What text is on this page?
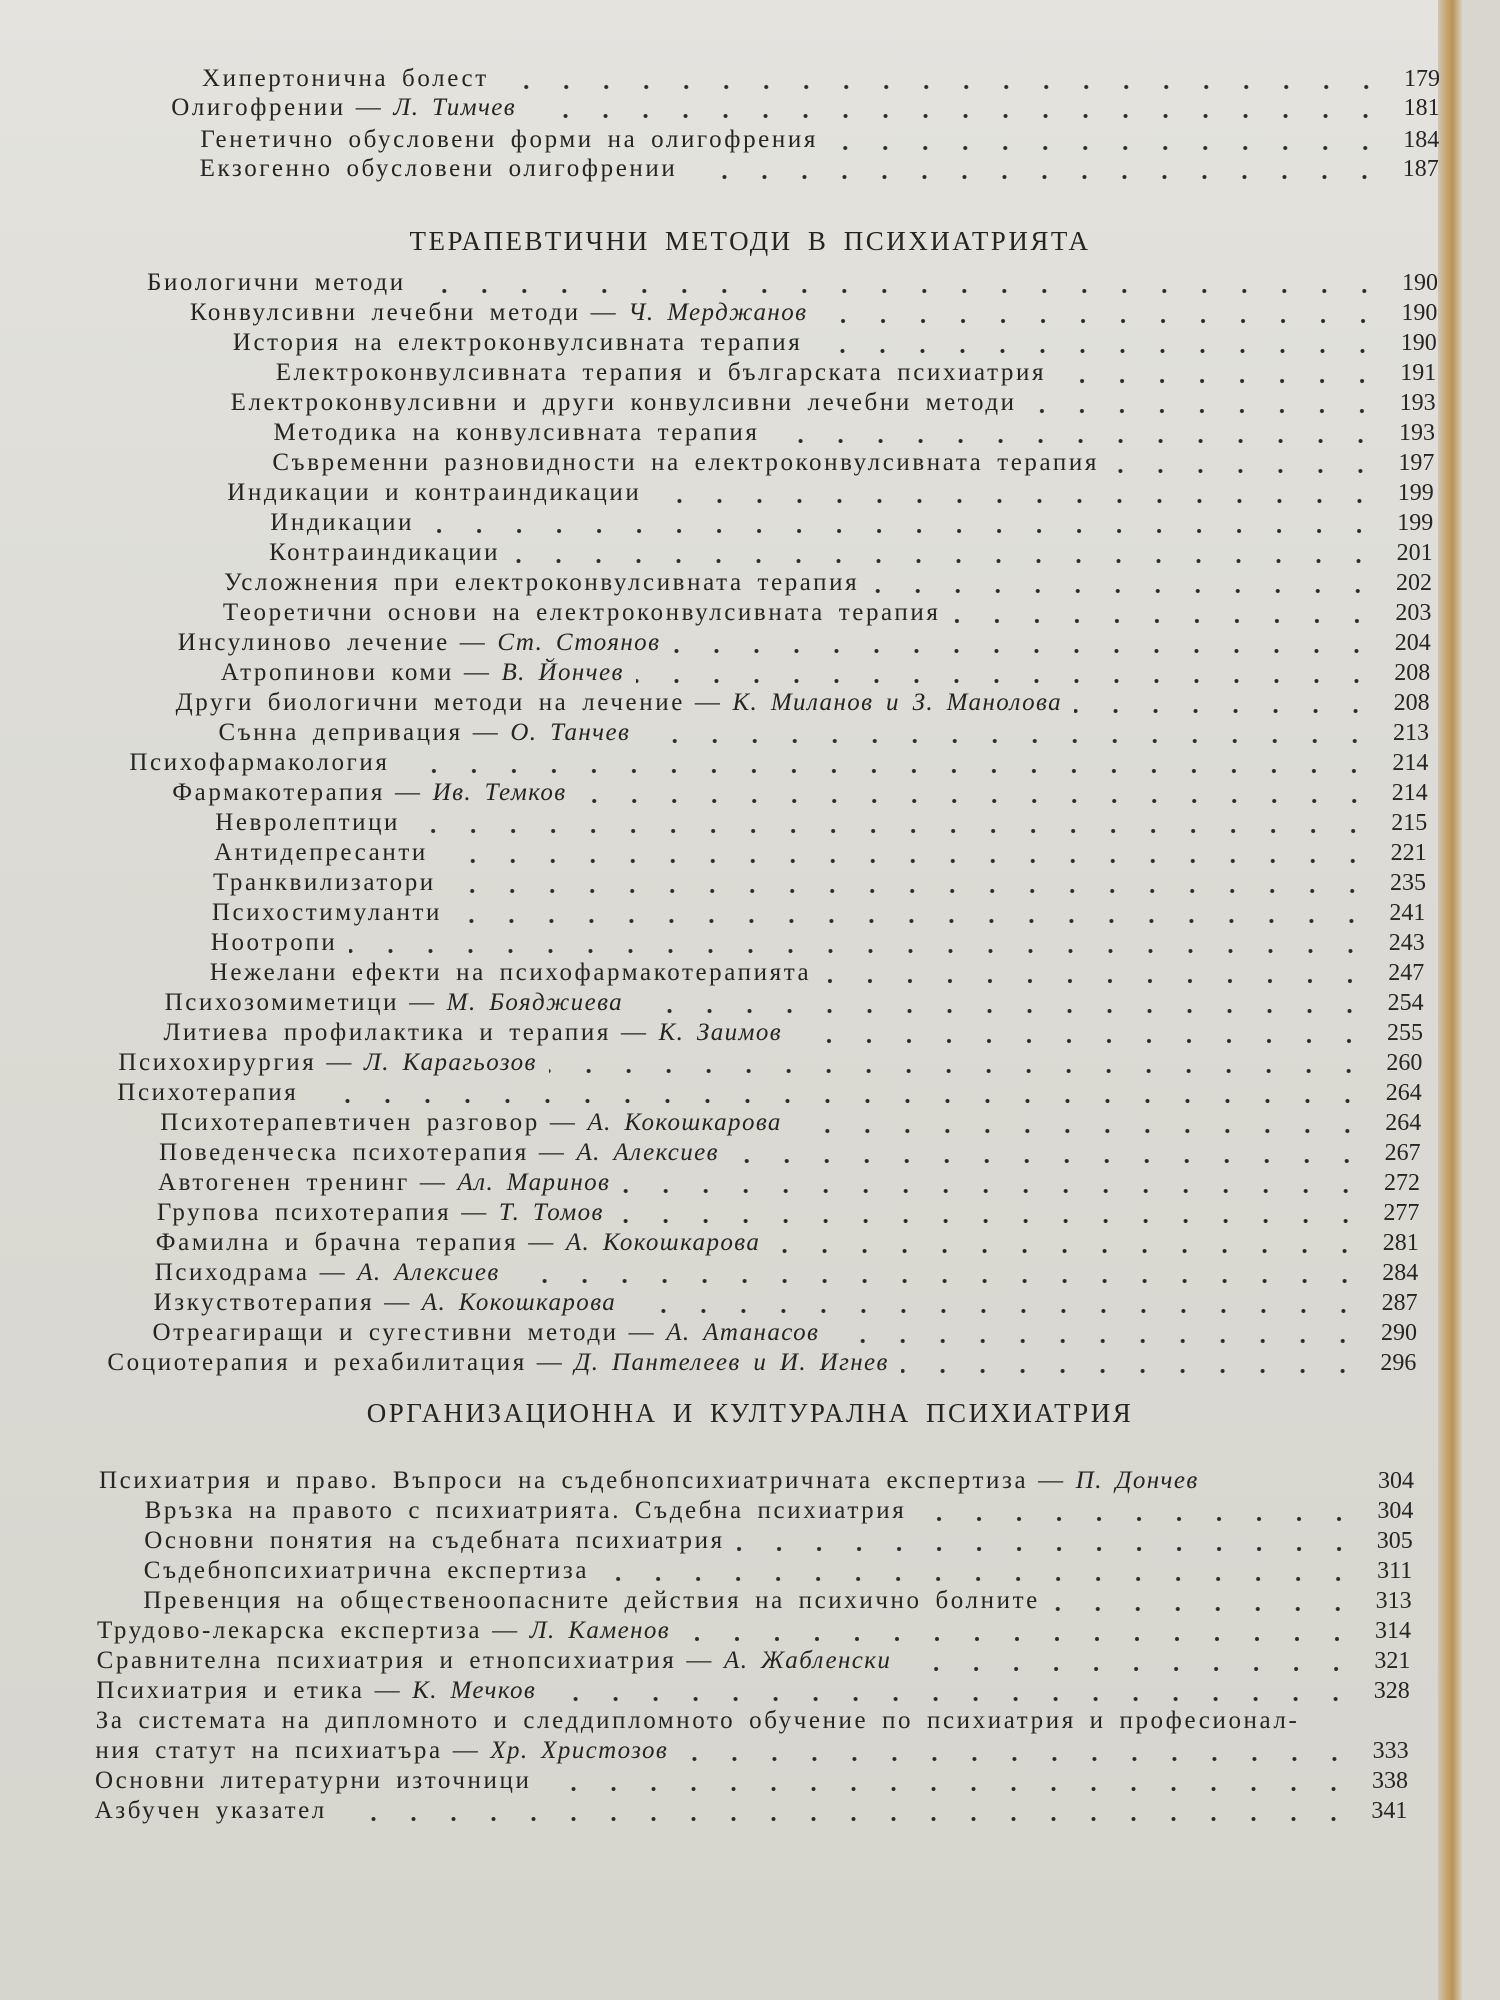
Хипертонична болест	179
Олигофрении — Л. Тимчев	181
Генетично обусловени форми на олигофрения	184
Екзогенно обусловени олигофрении	187
ТЕРАПЕВТИЧНИ МЕТОДИ В ПСИХИАТРИЯТА
Биологични методи	190
Конвулсивни лечебни методи — Ч. Мерджанов	190
История на електроконвулсивната терапия	190
Електроконвулсивната терапия и българската психиатрия	191
Електроконвулсивни и други конвулсивни лечебни методи	193
Методика на конвулсивната терапия	193
Съвременни разновидности на електроконвулсивната терапия	197
Индикации и контраиндикации	199
Индикации	199
Контраиндикации	201
Усложнения при електроконвулсивната терапия	202
Теоретични основи на електроконвулсивната терапия	203
Инсулиново лечение — Ст. Стоянов	204
Атропинови коми — В. Йончев	208
Други биологични методи на лечение — К. Миланов и З. Манолова	208
Сънна депривация — О. Танчев	213
Психофармакология	214
Фармакотерапия — Ив. Темков	214
Невролептици	215
Антидепресанти	221
Транквилизатори	235
Психостимуланти	241
Ноотропи	243
Нежелани ефекти на психофармакотерапията	247
Психозомиметици — М. Бояджиева	254
Литиева профилактика и терапия — К. Заимов	255
Психохирургия — Л. Карагьозов	260
Психотерапия	264
Психотерапевтичен разговор — А. Кокошкарова	264
Поведенческа психотерапия — А. Алексиев	267
Автогенен тренинг — Ал. Маринов	272
Групова психотерапия — Т. Томов	277
Фамилна и брачна терапия — А. Кокошкарова	281
Психодрама — А. Алексиев	284
Изкуствотерапия — А. Кокошкарова	287
Отреагиращи и сугестивни методи — А. Атанасов	290
Социотерапия и рехабилитация — Д. Пантелеев и И. Игнев	296
ОРГАНИЗАЦИОННА И КУЛТУРАЛНА ПСИХИАТРИЯ
Психиатрия и право. Въпроси на съдебнопсихиатричната експертиза — П. Дончев	304
Връзка на правото с психиатрията. Съдебна психиатрия	304
Основни понятия на съдебната психиатрия	305
Съдебнопсихиатрична експертиза	311
Превенция на общественоопасните действия на психично болните	313
Трудово-лекарска експертиза — Л. Каменов	314
Сравнителна психиатрия и етнопсихиатрия — А. Жабленски	321
Психиатрия и етика — К. Мечков	328
За системата на дипломното и следдипломното обучение по психиатрия и професионал-
ния статут на психиатъра — Хр. Христозов	333
Основни литературни източници	338
Азбучен указател	341
